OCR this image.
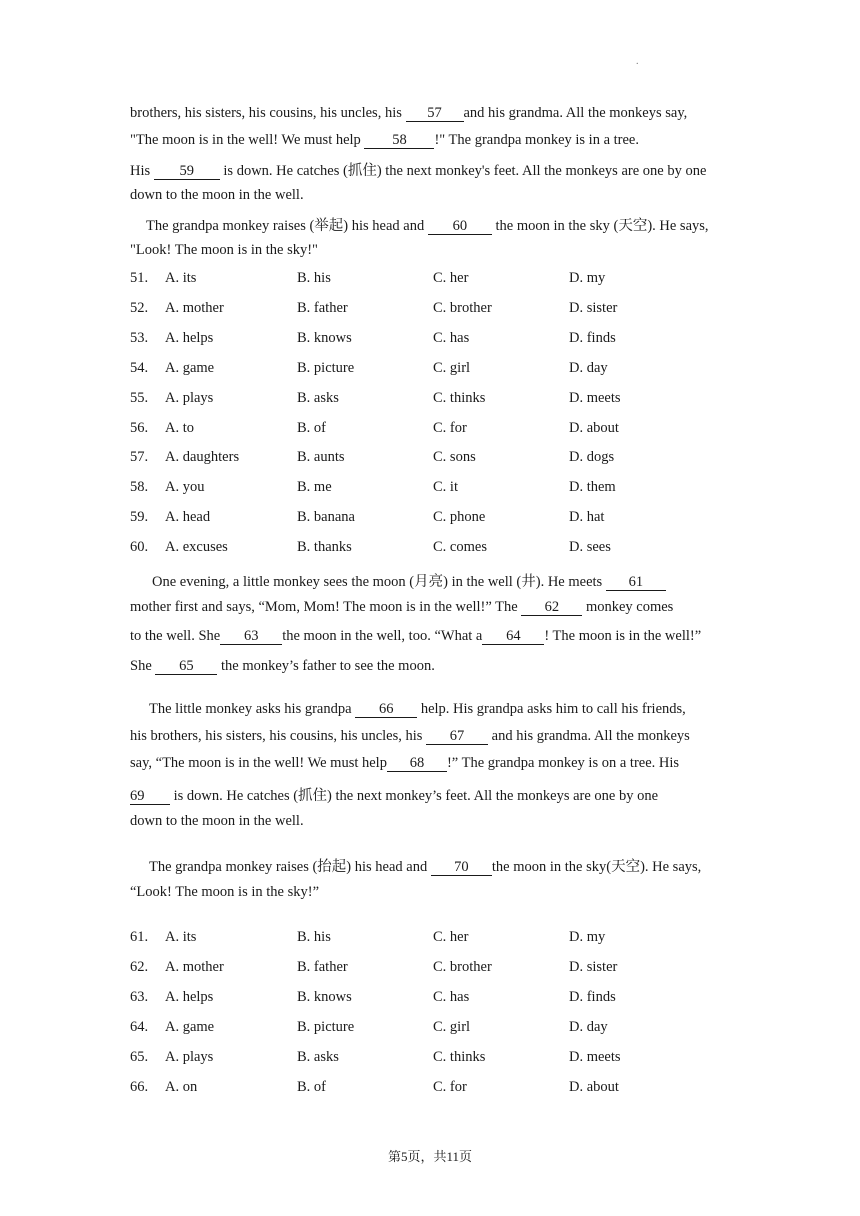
.
brothers, his sisters, his cousins, his uncles, his 57 and his grandma. All the monkeys say,
"The moon is in the well! We must help 58 !" The grandpa monkey is in a tree.
His 59 is down. He catches (抓住) the next monkey's feet. All the monkeys are one by one
down to the moon in the well.
The grandpa monkey raises (举起) his head and 60 the moon in the sky (天空). He says,
"Look! The moon is in the sky!"
51. A. its	B. his	C. her	D. my
52. A. mother	B. father	C. brother	D. sister
53. A. helps	B. knows	C. has	D. finds
54. A. game	B. picture	C. girl	D. day
55. A. plays	B. asks	C. thinks	D. meets
56. A. to	B. of	C. for	D. about
57. A. daughters	B. aunts	C. sons	D. dogs
58. A. you	B. me	C. it	D. them
59. A. head	B. banana	C. phone	D. hat
60. A. excuses	B. thanks	C. comes	D. sees
One evening, a little monkey sees the moon (月亮) in the well (井). He meets 61
mother first and says, “Mom, Mom! The moon is in the well!” The 62 monkey comes
to the well. She 63 the moon in the well, too. “What a 64 ! The moon is in the well!”
She 65 the monkey’s father to see the moon.
The little monkey asks his grandpa 66 help. His grandpa asks him to call his friends,
his brothers, his sisters, his cousins, his uncles, his 67 and his grandma. All the monkeys
say, “The moon is in the well! We must help 68 !” The grandpa monkey is on a tree. His
69 is down. He catches (抓住) the next monkey’s feet. All the monkeys are one by one
down to the moon in the well.
The grandpa monkey raises (抬起) his head and 70 the moon in the sky(天空). He says,
“Look! The moon is in the sky!”
61. A. its	B. his	C. her	D. my
62. A. mother	B. father	C. brother	D. sister
63. A. helps	B. knows	C. has	D. finds
64. A. game	B. picture	C. girl	D. day
65. A. plays	B. asks	C. thinks	D. meets
66. A. on	B. of	C. for	D. about
第5页，共11页
